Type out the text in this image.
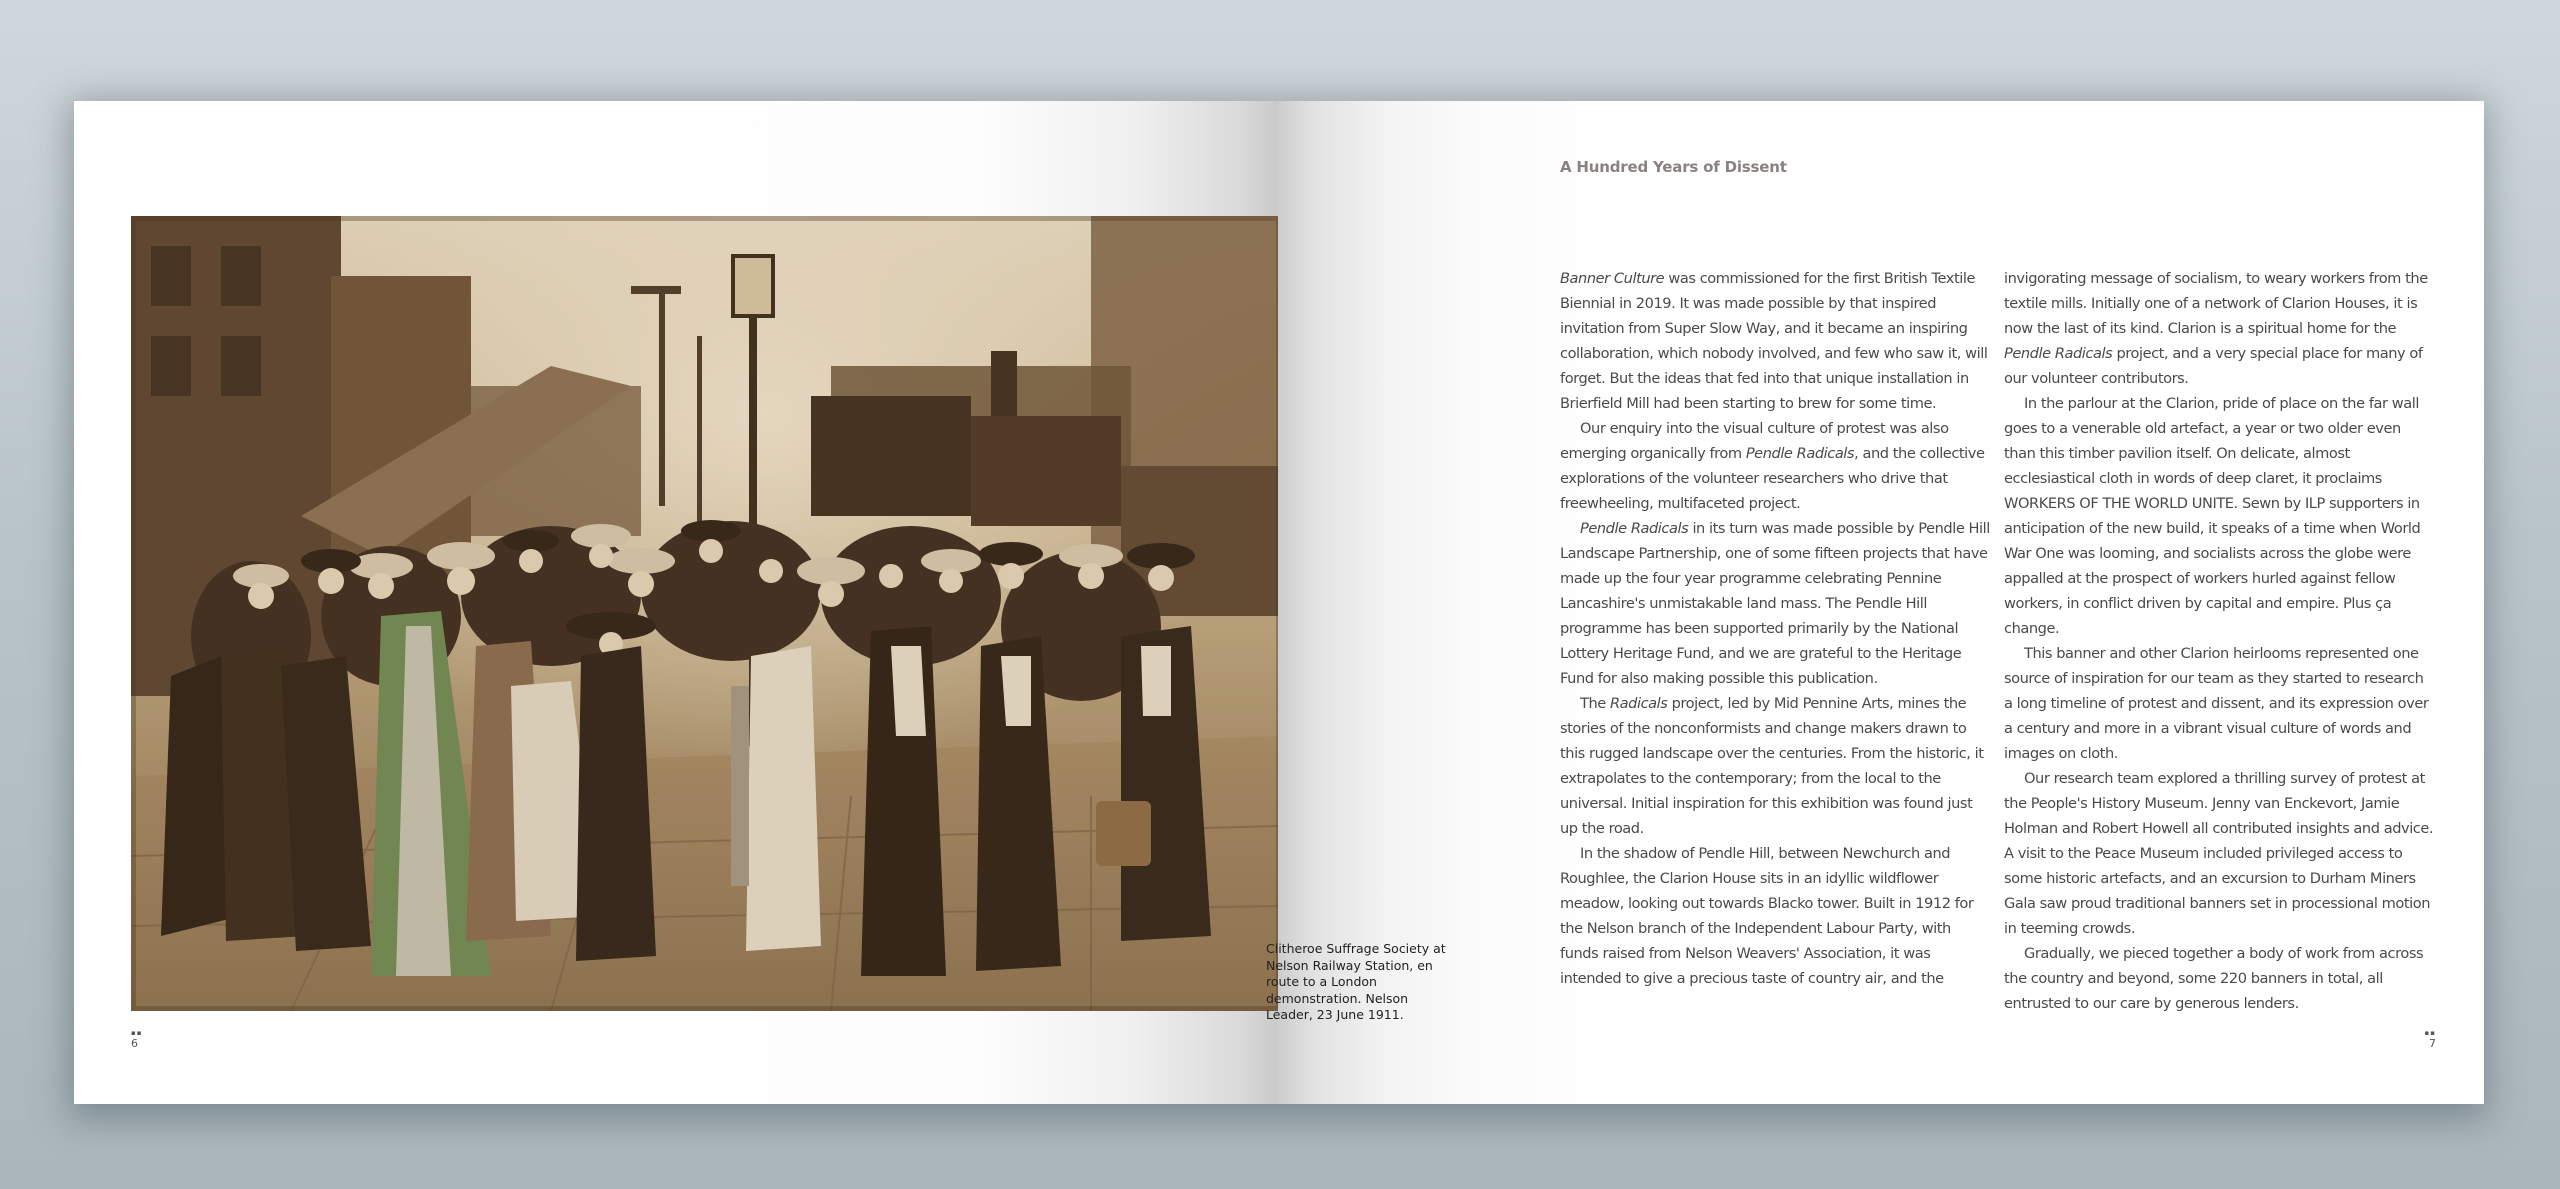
▪▪
6
▪▪
7

Clitheroe Suffrage Society at Nelson Railway Station, en route to a London demonstration. Nelson Leader, 23 June 1911.

A Hundred Years of Dissent

Banner Culture was commissioned for the first British Textile Biennial in 2019. It was made possible by that inspired invitation from Super Slow Way, and it became an inspiring collaboration, which nobody involved, and few who saw it, will forget. But the ideas that fed into that unique installation in Brierfield Mill had been starting to brew for some time.

Our enquiry into the visual culture of protest was also emerging organically from Pendle Radicals, and the collective explorations of the volunteer researchers who drive that freewheeling, multifaceted project.

Pendle Radicals in its turn was made possible by Pendle Hill Landscape Partnership, one of some fifteen projects that have made up the four year programme celebrating Pennine Lancashire's unmistakable land mass. The Pendle Hill programme has been supported primarily by the National Lottery Heritage Fund, and we are grateful to the Heritage Fund for also making possible this publication.

The Radicals project, led by Mid Pennine Arts, mines the stories of the nonconformists and change makers drawn to this rugged landscape over the centuries. From the historic, it extrapolates to the contemporary; from the local to the universal. Initial inspiration for this exhibition was found just up the road.

In the shadow of Pendle Hill, between Newchurch and Roughlee, the Clarion House sits in an idyllic wildflower meadow, looking out towards Blacko tower. Built in 1912 for the Nelson branch of the Independent Labour Party, with funds raised from Nelson Weavers' Association, it was intended to give a precious taste of country air, and the

invigorating message of socialism, to weary workers from the textile mills. Initially one of a network of Clarion Houses, it is now the last of its kind. Clarion is a spiritual home for the Pendle Radicals project, and a very special place for many of our volunteer contributors.

In the parlour at the Clarion, pride of place on the far wall goes to a venerable old artefact, a year or two older even than this timber pavilion itself. On delicate, almost ecclesiastical cloth in words of deep claret, it proclaims WORKERS OF THE WORLD UNITE. Sewn by ILP supporters in anticipation of the new build, it speaks of a time when World War One was looming, and socialists across the globe were appalled at the prospect of workers hurled against fellow workers, in conflict driven by capital and empire. Plus ça change.

This banner and other Clarion heirlooms represented one source of inspiration for our team as they started to research a long timeline of protest and dissent, and its expression over a century and more in a vibrant visual culture of words and images on cloth.

Our research team explored a thrilling survey of protest at the People's History Museum. Jenny van Enckevort, Jamie Holman and Robert Howell all contributed insights and advice. A visit to the Peace Museum included privileged access to some historic artefacts, and an excursion to Durham Miners Gala saw proud traditional banners set in processional motion in teeming crowds.

Gradually, we pieced together a body of work from across the country and beyond, some 220 banners in total, all entrusted to our care by generous lenders.
